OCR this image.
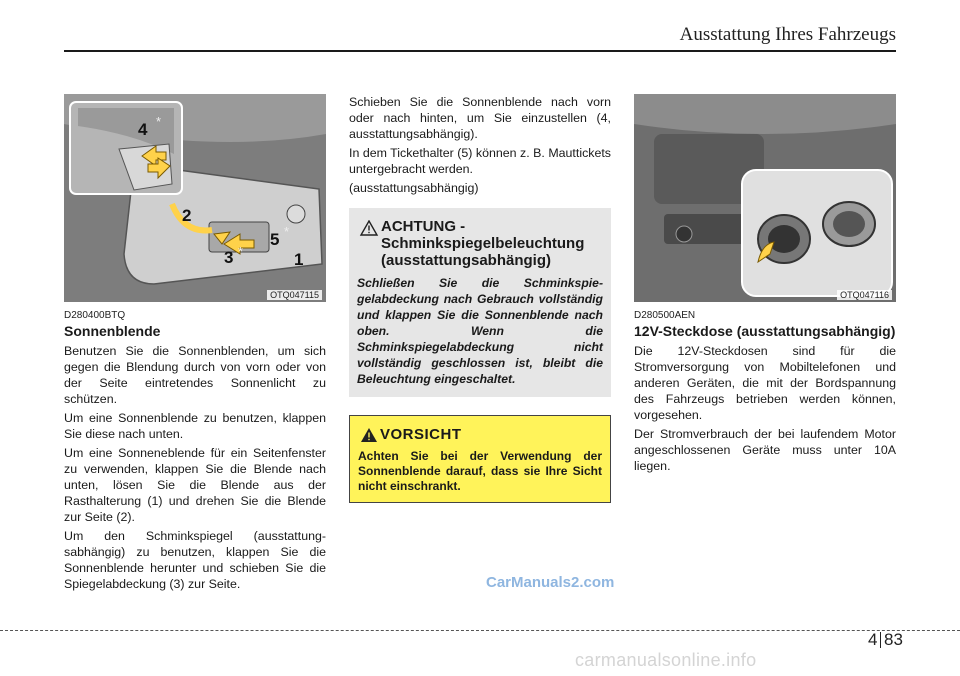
Ausstattung Ihres Fahrzeugs
4 *
2
5 *
3 *	1
OTQ047115
D280400BTQ
Sonnenblende

Benutzen Sie die Sonnenblenden, um sich gegen die Blendung durch von vorn oder von der Seite eintretendes Sonnenlicht zu schützen.

Um eine Sonnenblende zu benutzen, klappen Sie diese nach unten.

Um eine Sonneneblende für ein Seitenfenster zu verwenden, klappen Sie die Blende nach unten, lösen Sie die Blende aus der Rasthalterung (1) und drehen Sie die Blende zur Seite (2).

Um den Schminkspiegel (ausstattung-sabhängig) zu benutzen, klappen Sie die Sonnenblende herunter und schieben Sie die Spiegelabdeckung (3) zur Seite.

Schieben Sie die Sonnenblende nach vorn oder nach hinten, um Sie einzustellen (4, ausstattungsabhängig).

In dem Tickethalter (5) können z. B. Mauttickets untergebracht werden.

(ausstattungsabhängig)

ACHTUNG -
Schminkspiegelbeleuchtung (ausstattungsabhängig)

Schließen Sie die Schminkspie-gelabdeckung nach Gebrauch vollständig und klappen Sie die Sonnenblende nach oben. Wenn die Schminkspiegelabdeckung nicht vollständig geschlossen ist, bleibt die Beleuchtung eingeschaltet.

VORSICHT

Achten Sie bei der Verwendung der Sonnenblende darauf, dass sie Ihre Sicht nicht einschrankt.

OTQ047116
D280500AEN
12V-Steckdose (ausstattungsabhängig)

Die 12V-Steckdosen sind für die Stromversorgung von Mobiltelefonen und anderen Geräten, die mit der Bordspannung des Fahrzeugs betrieben werden können, vorgesehen.

Der Stromverbrauch der bei laufendem Motor angeschlossenen Geräte muss unter 10A liegen.

CarManuals2.com
4 83
carmanualsonline.info
